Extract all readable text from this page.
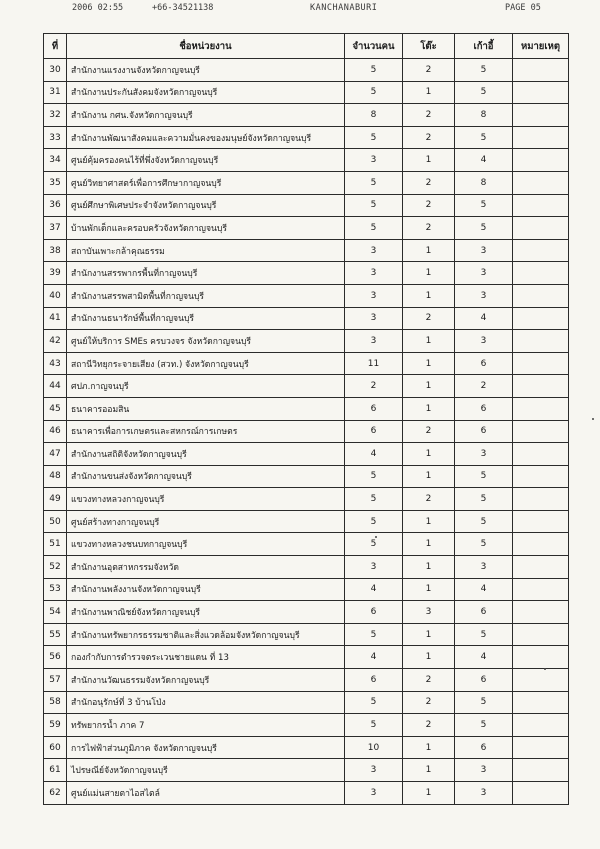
2006 02:55	+66-34521138	KANCHANABURI	PAGE 05
ที่	ชื่อหน่วยงาน	จำนวนคน	โต๊ะ	เก้าอี้	หมายเหตุ
30	สำนักงานแรงงานจังหวัดกาญจนบุรี	5	2	5	
31	สำนักงานประกันสังคมจังหวัดกาญจนบุรี	5	1	5	
32	สำนักงาน กศน.จังหวัดกาญจนบุรี	8	2	8	
33	สำนักงานพัฒนาสังคมและความมั่นคงของมนุษย์จังหวัดกาญจนบุรี	5	2	5	
34	ศูนย์คุ้มครองคนไร้ที่พึ่งจังหวัดกาญจนบุรี	3	1	4	
35	ศูนย์วิทยาศาสตร์เพื่อการศึกษากาญจนบุรี	5	2	8	
36	ศูนย์ศึกษาพิเศษประจำจังหวัดกาญจนบุรี	5	2	5	
37	บ้านพักเด็กและครอบครัวจังหวัดกาญจนบุรี	5	2	5	
38	สถาบันเพาะกล้าคุณธรรม	3	1	3	
39	สำนักงานสรรพากรพื้นที่กาญจนบุรี	3	1	3	
40	สำนักงานสรรพสามิตพื้นที่กาญจนบุรี	3	1	3	
41	สำนักงานธนารักษ์พื้นที่กาญจนบุรี	3	2	4	
42	ศูนย์ให้บริการ SMEs ครบวงจร จังหวัดกาญจนบุรี	3	1	3	
43	สถานีวิทยุกระจายเสียง (สวท.) จังหวัดกาญจนบุรี	11	1	6	
44	ศปภ.กาญจนบุรี	2	1	2	
45	ธนาคารออมสิน	6	1	6	
46	ธนาคารเพื่อการเกษตรและสหกรณ์การเกษตร	6	2	6	
47	สำนักงานสถิติจังหวัดกาญจนบุรี	4	1	3	
48	สำนักงานขนส่งจังหวัดกาญจนบุรี	5	1	5	
49	แขวงทางหลวงกาญจนบุรี	5	2	5	
50	ศูนย์สร้างทางกาญจนบุรี	5	1	5	
51	แขวงทางหลวงชนบทกาญจนบุรี	5	1	5	
52	สำนักงานอุตสาหกรรมจังหวัด	3	1	3	
53	สำนักงานพลังงานจังหวัดกาญจนบุรี	4	1	4	
54	สำนักงานพาณิชย์จังหวัดกาญจนบุรี	6	3	6	
55	สำนักงานทรัพยากรธรรมชาติและสิ่งแวดล้อมจังหวัดกาญจนบุรี	5	1	5	
56	กองกำกับการตำรวจตระเวนชายแดน ที่ 13	4	1	4	
57	สำนักงานวัฒนธรรมจังหวัดกาญจนบุรี	6	2	6	
58	สำนักอนุรักษ์ที่ 3 บ้านโป่ง	5	2	5	
59	ทรัพยากรน้ำ ภาค 7	5	2	5	
60	การไฟฟ้าส่วนภูมิภาค จังหวัดกาญจนบุรี	10	1	6	
61	ไปรษณีย์จังหวัดกาญจนบุรี	3	1	3	
62	ศูนย์แม่นสายตาไอสไตล์	3	1	3	
